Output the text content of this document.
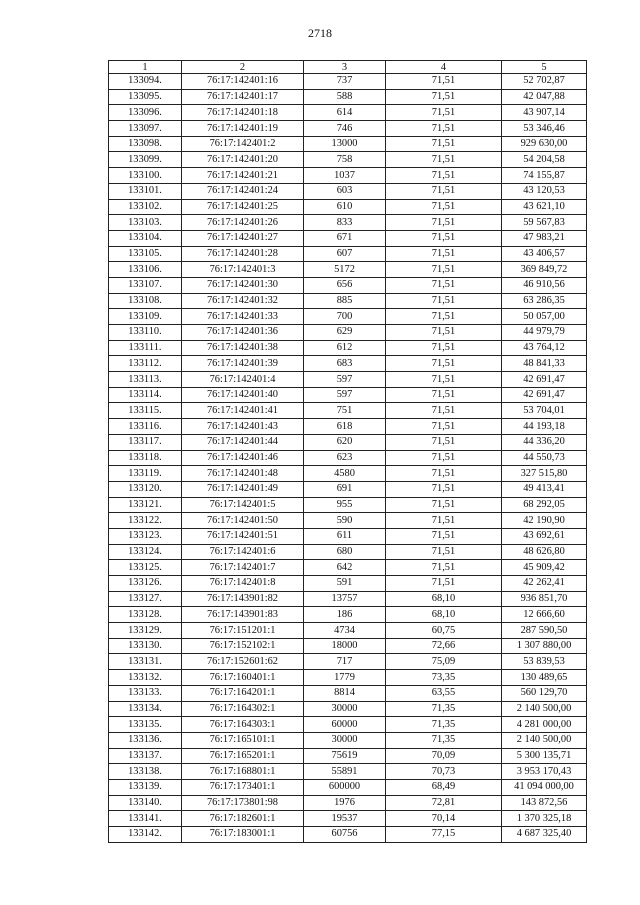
2718
1	2	3	4	5
133094.	76:17:142401:16	737	71,51	52 702,87
133095.	76:17:142401:17	588	71,51	42 047,88
133096.	76:17:142401:18	614	71,51	43 907,14
133097.	76:17:142401:19	746	71,51	53 346,46
133098.	76:17:142401:2	13000	71,51	929 630,00
133099.	76:17:142401:20	758	71,51	54 204,58
133100.	76:17:142401:21	1037	71,51	74 155,87
133101.	76:17:142401:24	603	71,51	43 120,53
133102.	76:17:142401:25	610	71,51	43 621,10
133103.	76:17:142401:26	833	71,51	59 567,83
133104.	76:17:142401:27	671	71,51	47 983,21
133105.	76:17:142401:28	607	71,51	43 406,57
133106.	76:17:142401:3	5172	71,51	369 849,72
133107.	76:17:142401:30	656	71,51	46 910,56
133108.	76:17:142401:32	885	71,51	63 286,35
133109.	76:17:142401:33	700	71,51	50 057,00
133110.	76:17:142401:36	629	71,51	44 979,79
133111.	76:17:142401:38	612	71,51	43 764,12
133112.	76:17:142401:39	683	71,51	48 841,33
133113.	76:17:142401:4	597	71,51	42 691,47
133114.	76:17:142401:40	597	71,51	42 691,47
133115.	76:17:142401:41	751	71,51	53 704,01
133116.	76:17:142401:43	618	71,51	44 193,18
133117.	76:17:142401:44	620	71,51	44 336,20
133118.	76:17:142401:46	623	71,51	44 550,73
133119.	76:17:142401:48	4580	71,51	327 515,80
133120.	76:17:142401:49	691	71,51	49 413,41
133121.	76:17:142401:5	955	71,51	68 292,05
133122.	76:17:142401:50	590	71,51	42 190,90
133123.	76:17:142401:51	611	71,51	43 692,61
133124.	76:17:142401:6	680	71,51	48 626,80
133125.	76:17:142401:7	642	71,51	45 909,42
133126.	76:17:142401:8	591	71,51	42 262,41
133127.	76:17:143901:82	13757	68,10	936 851,70
133128.	76:17:143901:83	186	68,10	12 666,60
133129.	76:17:151201:1	4734	60,75	287 590,50
133130.	76:17:152102:1	18000	72,66	1 307 880,00
133131.	76:17:152601:62	717	75,09	53 839,53
133132.	76:17:160401:1	1779	73,35	130 489,65
133133.	76:17:164201:1	8814	63,55	560 129,70
133134.	76:17:164302:1	30000	71,35	2 140 500,00
133135.	76:17:164303:1	60000	71,35	4 281 000,00
133136.	76:17:165101:1	30000	71,35	2 140 500,00
133137.	76:17:165201:1	75619	70,09	5 300 135,71
133138.	76:17:168801:1	55891	70,73	3 953 170,43
133139.	76:17:173401:1	600000	68,49	41 094 000,00
133140.	76:17:173801:98	1976	72,81	143 872,56
133141.	76:17:182601:1	19537	70,14	1 370 325,18
133142.	76:17:183001:1	60756	77,15	4 687 325,40
